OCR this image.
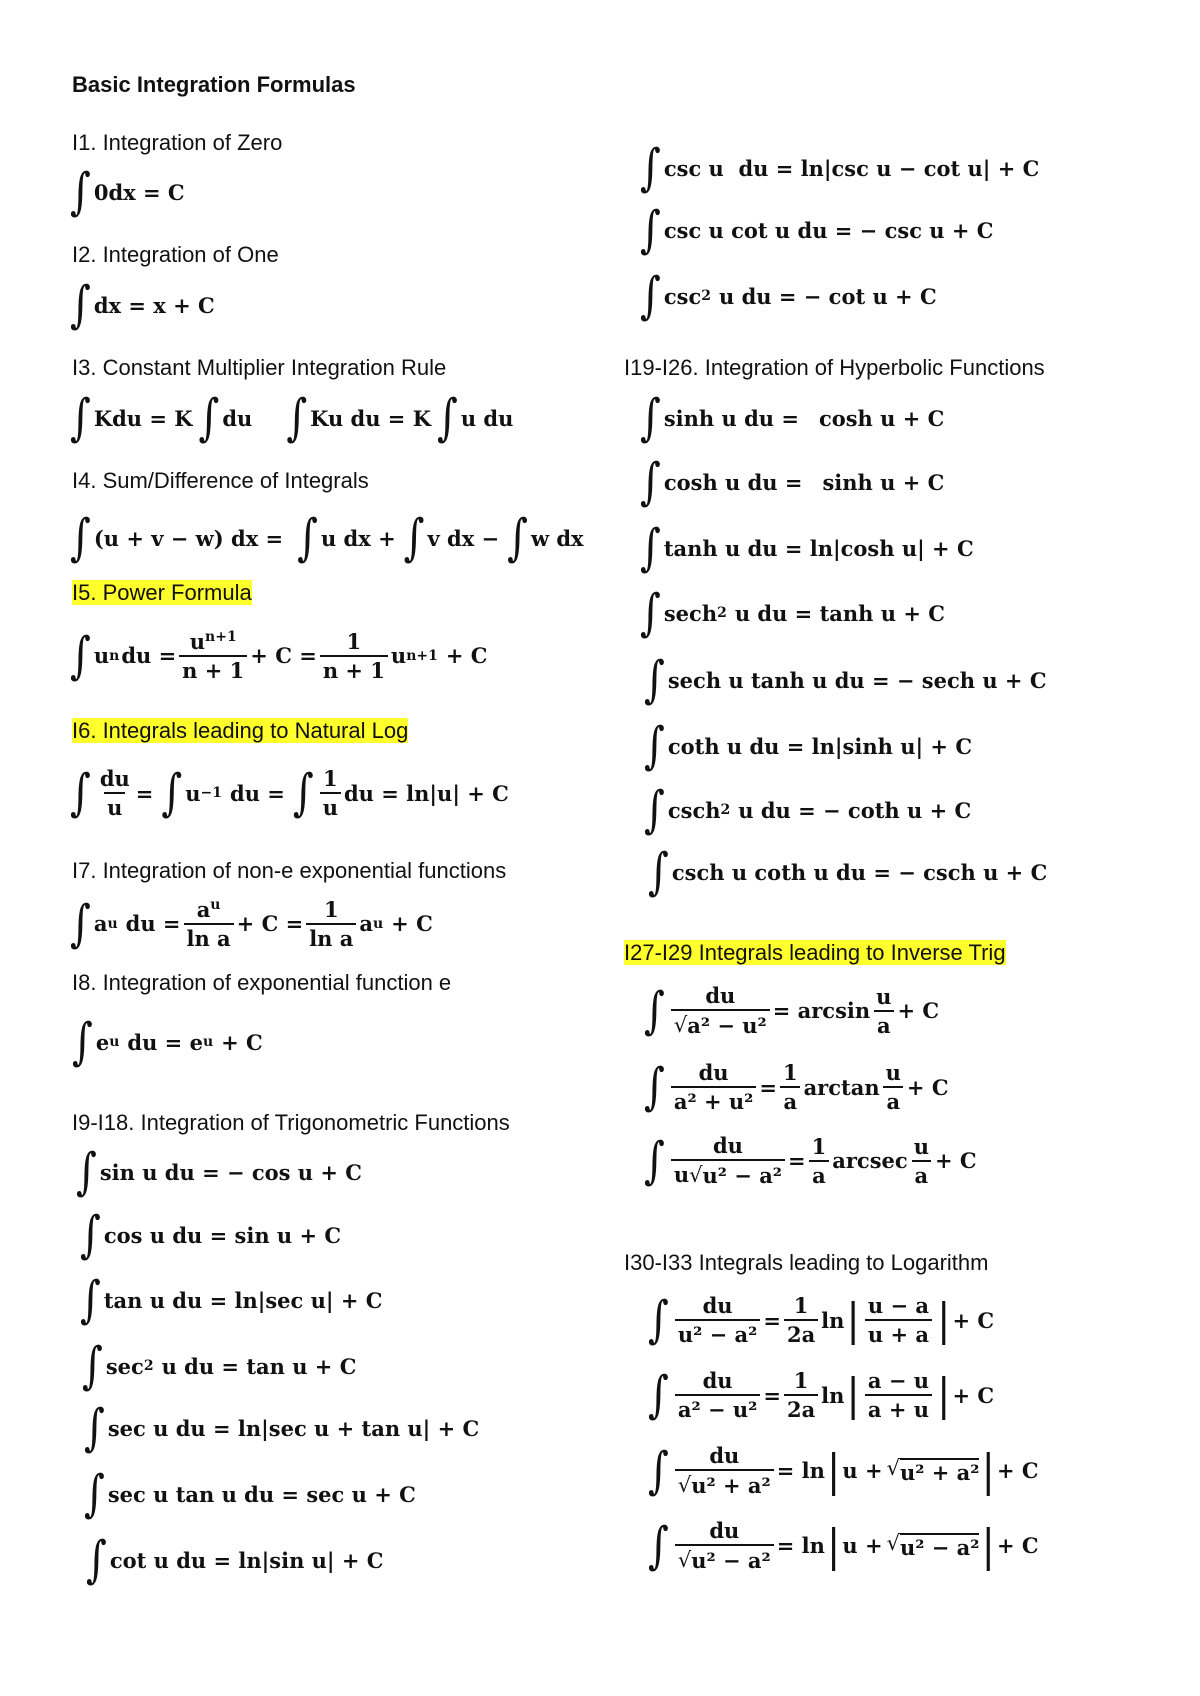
Basic Integration Formulas
I1. Integration of Zero
∫ 0dx = C
I2. Integration of One
∫ dx = x + C
I3. Constant Multiplier Integration Rule
∫ Kdu = K ∫ du ∫ Ku du = K ∫ u du
I4. Sum/Difference of Integrals
∫ (u + v − w) dx = ∫ u dx + ∫ v dx − ∫ w dx
I5. Power Formula
∫ u n du = $\frac{u^{n+1}}{n + 1} + C = \frac{1}{n + 1}$ u n+1 + C
I6. Integrals leading to Natural Log
∫ $\frac{du}{u}$ = ∫ u −1 du = ∫ $\frac{1}{u}$ du = ln|u| + C
I7. Integration of non-e exponential functions
∫ a u du = $\frac{a^u}{\text{ln a}} + C = \frac{1}{\text{ln a}}$ a u + C
I8. Integration of exponential function e
∫ e u du = e u + C
I9-I18. Integration of Trigonometric Functions
∫ sin u du = − cos u + C
∫ cos u du = sin u + C
∫ tan u du = ln|sec u| + C
∫ sec 2 u du = tan u + C
∫ sec u du = ln|sec u + tan u| + C
∫ sec u tan u du = sec u + C
∫ cot u du = ln|sin u| + C
∫ csc u  du = ln|csc u − cot u| + C
∫ csc u cot u du = − csc u + C
∫ csc 2 u du = − cot u + C
I19-I26. Integration of Hyperbolic Functions
∫ sinh u du = cosh u + C
∫ cosh u du = sinh u + C
∫ tanh u du = ln|cosh u| + C
∫ sech 2 u du = tanh u + C
∫ sech u tanh u du = − sech u + C
∫ coth u du = ln|sinh u| + C
∫ csch 2 u du = − coth u + C
∫ csch u coth u du = − csch u + C
I27-I29 Integrals leading to Inverse Trig
∫ $\frac{du}{\text{√ a² − u²}} = \arcsin \frac{u}{a} + C$
∫ $\frac{du}{\text{a² + u²}} = \frac{1}{a}$ $\arctan \frac{u}{a} + C$
∫ $\frac{du}{\text{u √ u² − a²}} = \frac{1}{a}$ arcsec $\frac{u}{a} + C$
I30-I33 Integrals leading to Logarithm
∫ $\frac{du}{\text{u² − a²}} = \frac{1}{2a}$ ln | $\frac{u - a}{u + a}$ | + C
∫ $\frac{du}{\text{a² − u²}} = \frac{1}{2a}$ ln | $\frac{a - u}{a + u}$ | + C
∫ $\frac{du}{\text{√ u² + a²}} = \ln$ | u + √ u² + a² | + C
∫ $\frac{du}{\text{√ u² − a²}} = \ln$ | u + √ u² − a² | + C
